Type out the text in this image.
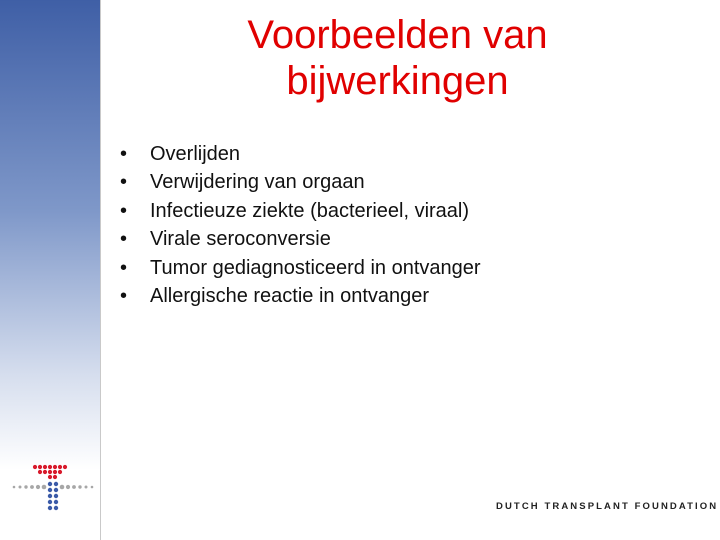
Voorbeelden van
bijwerkingen
•	Overlijden
•	Verwijdering van orgaan
•	Infectieuze ziekte (bacterieel, viraal)
•	Virale seroconversie
•	Tumor gediagnosticeerd in ontvanger
•	Allergische reactie in ontvanger
DUTCH TRANSPLANT FOUNDATION
